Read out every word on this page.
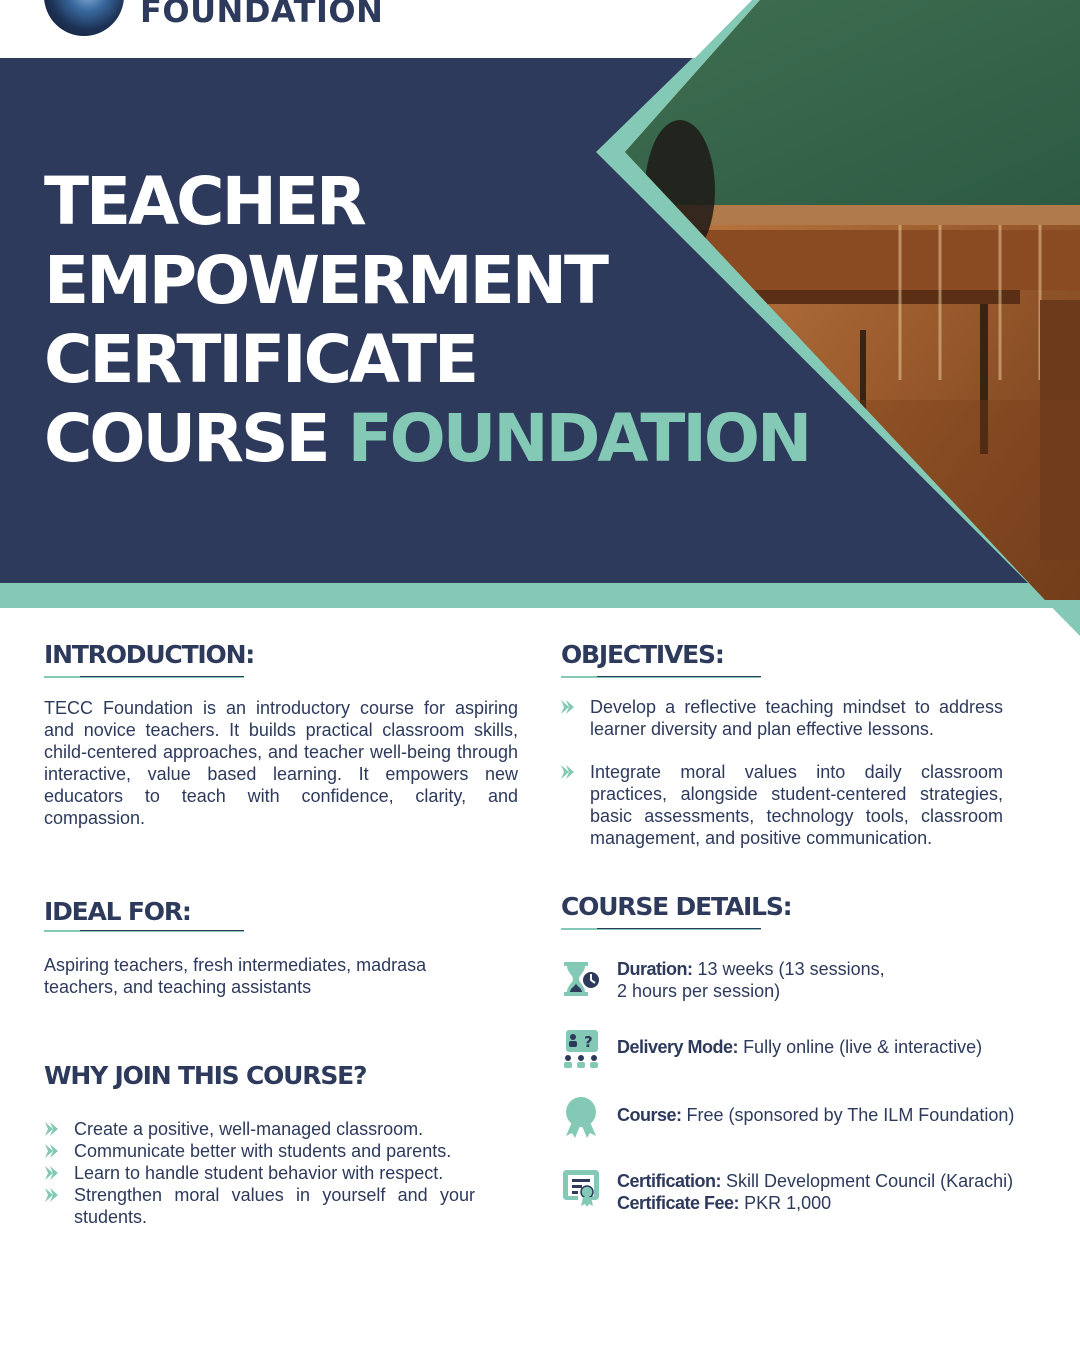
FOUNDATION
TEACHER
EMPOWERMENT
CERTIFICATE
COURSE FOUNDATION
INTRODUCTION:

TECC Foundation is an introductory course for aspiring and novice teachers. It builds practical classroom skills, child-centered approaches, and teacher well-being through interactive, value based learning. It empowers new educators to teach with confidence, clarity, and compassion.

OBJECTIVES:
Develop a reflective teaching mindset to address learner diversity and plan effective lessons.
Integrate moral values into daily classroom practices, alongside student-centered strategies, basic assessments, technology tools, classroom management, and positive communication.
IDEAL FOR:

Aspiring teachers, fresh intermediates, madrasa teachers, and teaching assistants

WHY JOIN THIS COURSE?
Create a positive, well-managed classroom.
Communicate better with students and parents.
Learn to handle student behavior with respect.
Strengthen moral values in yourself and your students.
COURSE DETAILS:
Duration: 13 weeks (13 sessions,
2 hours per session)
? Delivery Mode: Fully online (live & interactive)
Course: Free (sponsored by The ILM Foundation)
Certification: Skill Development Council (Karachi)
Certificate Fee: PKR 1,000
